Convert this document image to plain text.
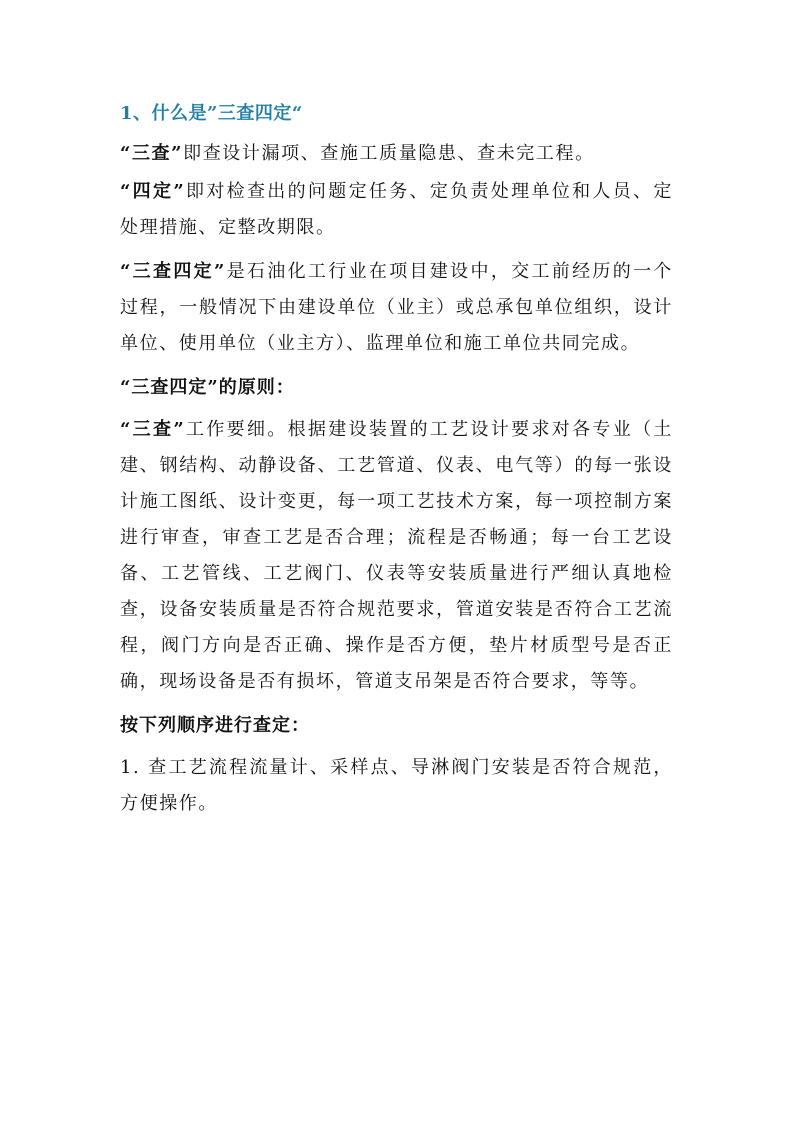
1、什么是”三查四定“

“三查”即查设计漏项、查施工质量隐患、查未完工程。

“四定”即对检查出的问题定任务、定负责处理单位和人员、定处理措施、定整改期限。

“三查四定”是石油化工行业在项目建设中，交工前经历的一个过程，一般情况下由建设单位（业主）或总承包单位组织，设计单位、使用单位（业主方）、监理单位和施工单位共同完成。

“三查四定”的原则：

“三查”工作要细。根据建设装置的工艺设计要求对各专业（土建、钢结构、动静设备、工艺管道、仪表、电气等）的每一张设计施工图纸、设计变更，每一项工艺技术方案，每一项控制方案进行审查，审查工艺是否合理；流程是否畅通；每一台工艺设备、工艺管线、工艺阀门、仪表等安装质量进行严细认真地检查，设备安装质量是否符合规范要求，管道安装是否符合工艺流程，阀门方向是否正确、操作是否方便，垫片材质型号是否正确，现场设备是否有损坏，管道支吊架是否符合要求，等等。

按下列顺序进行查定：

1. 查工艺流程流量计、采样点、导淋阀门安装是否符合规范，方便操作。
